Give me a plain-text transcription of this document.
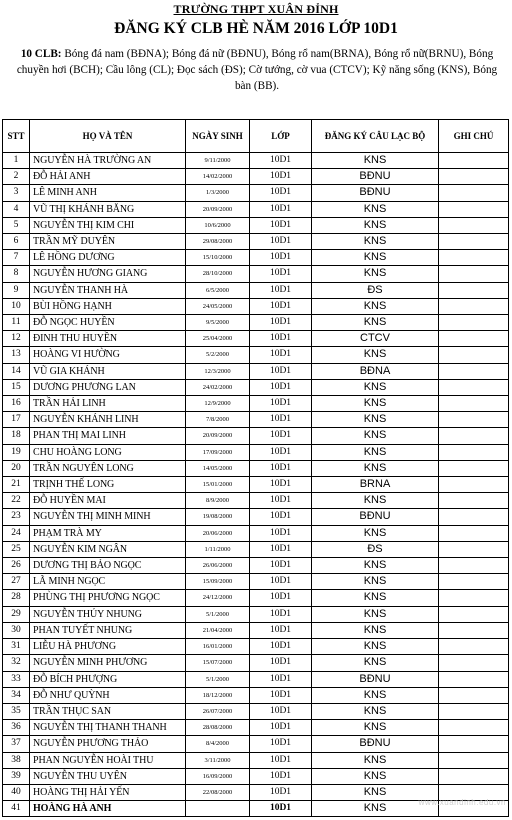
TRƯỜNG THPT XUÂN ĐỈNH
ĐĂNG KÝ CLB HÈ NĂM 2016 LỚP 10D1
10 CLB: Bóng đá nam (BĐNA); Bóng đá nữ (BĐNU), Bóng rổ nam(BRNA), Bóng rổ nữ(BRNU), Bóng chuyền hơi (BCH); Cầu lông (CL); Đọc sách (ĐS); Cờ tướng, cờ vua (CTCV); Kỹ năng sống (KNS), Bóng bàn (BB).
STT	HỌ VÀ TÊN	NGÀY SINH	LỚP	ĐĂNG KÝ CÂU LẠC BỘ	GHI CHÚ
1	NGUYỄN HÀ TRƯỜNG AN	9/11/2000	10D1	KNS	
2	ĐỖ HẢI ANH	14/02/2000	10D1	BĐNU	
3	LÊ MINH ANH	1/3/2000	10D1	BĐNU	
4	VŨ THỊ KHÁNH BĂNG	20/09/2000	10D1	KNS	
5	NGUYỄN THỊ KIM CHI	10/6/2000	10D1	KNS	
6	TRẦN MỸ DUYÊN	29/08/2000	10D1	KNS	
7	LÊ HỒNG DƯƠNG	15/10/2000	10D1	KNS	
8	NGUYỄN HƯƠNG GIANG	28/10/2000	10D1	KNS	
9	NGUYỄN THANH HÀ	6/5/2000	10D1	ĐS	
10	BÙI HỒNG HẠNH	24/05/2000	10D1	KNS	
11	ĐỖ NGỌC HUYỀN	9/5/2000	10D1	KNS	
12	ĐINH THU HUYỀN	25/04/2000	10D1	CTCV	
13	HOÀNG VI HƯỜNG	5/2/2000	10D1	KNS	
14	VŨ GIA KHÁNH	12/3/2000	10D1	BĐNA	
15	DƯƠNG PHƯƠNG LAN	24/02/2000	10D1	KNS	
16	TRẦN HẢI LINH	12/9/2000	10D1	KNS	
17	NGUYỄN KHÁNH LINH	7/8/2000	10D1	KNS	
18	PHAN THỊ MAI LINH	20/09/2000	10D1	KNS	
19	CHU HOÀNG LONG	17/09/2000	10D1	KNS	
20	TRẦN NGUYÊN LONG	14/05/2000	10D1	KNS	
21	TRỊNH THẾ LONG	15/01/2000	10D1	BRNA	
22	ĐỖ HUYỀN MAI	8/9/2000	10D1	KNS	
23	NGUYỄN THỊ MINH MINH	19/08/2000	10D1	BĐNU	
24	PHẠM TRÀ MY	20/06/2000	10D1	KNS	
25	NGUYỄN KIM NGÂN	1/11/2000	10D1	ĐS	
26	DƯƠNG THỊ BẢO NGỌC	26/06/2000	10D1	KNS	
27	LÃ MINH NGỌC	15/09/2000	10D1	KNS	
28	PHÙNG THỊ PHƯƠNG NGỌC	24/12/2000	10D1	KNS	
29	NGUYỄN THỦY NHUNG	5/1/2000	10D1	KNS	
30	PHAN TUYẾT NHUNG	21/04/2000	10D1	KNS	
31	LIỄU HÀ PHƯƠNG	16/01/2000	10D1	KNS	
32	NGUYỄN MINH PHƯƠNG	15/07/2000	10D1	KNS	
33	ĐỖ BÍCH PHƯỢNG	5/1/2000	10D1	BĐNU	
34	ĐỖ NHƯ QUỲNH	18/12/2000	10D1	KNS	
35	TRẦN THỤC SAN	26/07/2000	10D1	KNS	
36	NGUYỄN THỊ THANH THANH	28/08/2000	10D1	KNS	
37	NGUYỄN PHƯƠNG THẢO	8/4/2000	10D1	BĐNU	
38	PHAN NGUYỄN HOÀI THU	3/11/2000	10D1	KNS	
39	NGUYỄN THU UYÊN	16/09/2000	10D1	KNS	
40	HOÀNG THỊ HẢI YẾN	22/08/2000	10D1	KNS	
41	HOÀNG HÀ ANH		10D1	KNS		www.xuandinh.edu.vn
